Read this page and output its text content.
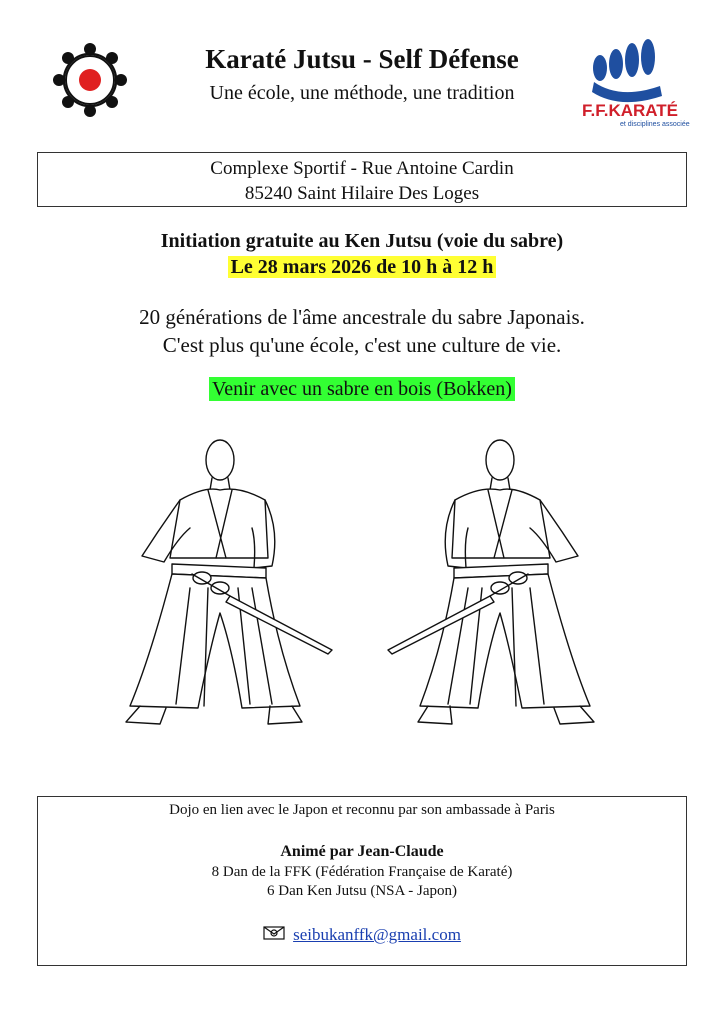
Karaté Jutsu - Self Défense
Une école, une méthode, une tradition
F.F.KARATÉ
et disciplines associées
Complexe Sportif - Rue Antoine Cardin
85240 Saint Hilaire Des Loges
Initiation gratuite au Ken Jutsu (voie du sabre)
Le 28 mars 2026 de 10 h à 12 h
20 générations de l'âme ancestrale du sabre Japonais.
C'est plus qu'une école, c'est une culture de vie.
Venir avec un sabre en bois (Bokken)
Dojo en lien avec le Japon et reconnu par son ambassade à Paris
Animé par Jean-Claude
8 Dan de la FFK (Fédération Française de Karaté)
6 Dan Ken Jutsu (NSA - Japon)
seibukanffk@gmail.com
